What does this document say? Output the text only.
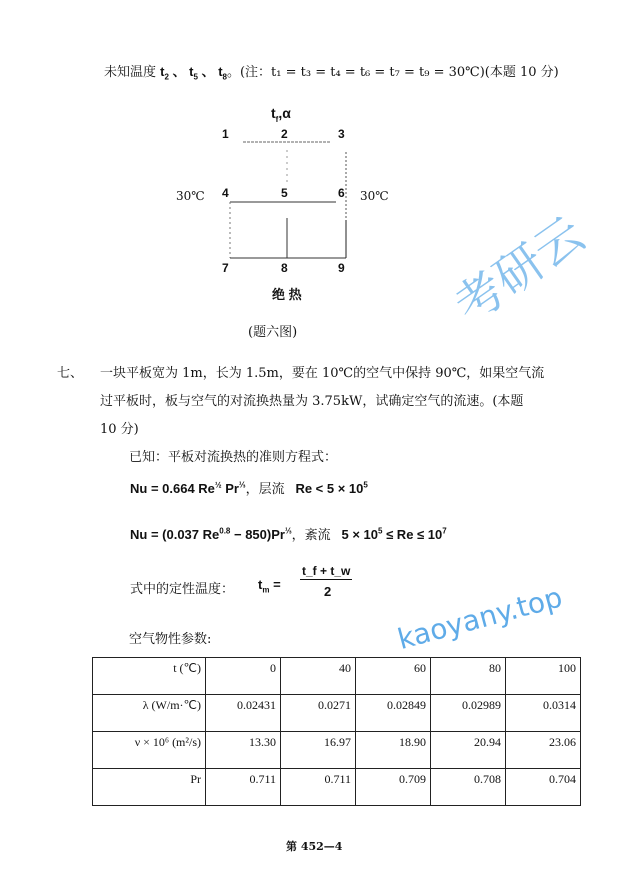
未知温度 $t_2$ 、 $t_5$ 、 $t_8$。(注：t₁ = t₃ = t₄ = t₆ = t₇ = t₉ = 30℃)(本题 10 分)
$t_f,\alpha$
1	2	3
4	5	6
7	8	9
30℃	30℃
绝 热
(题六图)
七、 一块平板宽为 1m，长为 1.5m，要在 10℃的空气中保持 90℃，如果空气流
过平板时，板与空气的对流换热量为 3.75kW，试确定空气的流速。(本题
10 分)
已知：平板对流换热的准则方程式：
Nu = 0.664 $Re^{\frac{1}{2}}$ $Pr^{\frac{1}{3}}$，层流 $Re < 5 \times 10^5$
Nu = (0.037 $Re^{0.8} - 850)Pr^{\frac{1}{3}}$，紊流 $5 \times 10^5 \le Re \le 10^7$
式中的定性温度： $t_m$ =
t_f + t_w
2
空气物性参数:
t (℃)	0	40	60	80	100
λ (W/m·℃)	0.02431	0.0271	0.02849	0.02989	0.0314
ν × 10⁶ (m²/s)	13.30	16.97	18.90	20.94	23.06
Pr	0.711	0.711	0.709	0.708	0.704
第 452—4
考研云
kaoyany.top
